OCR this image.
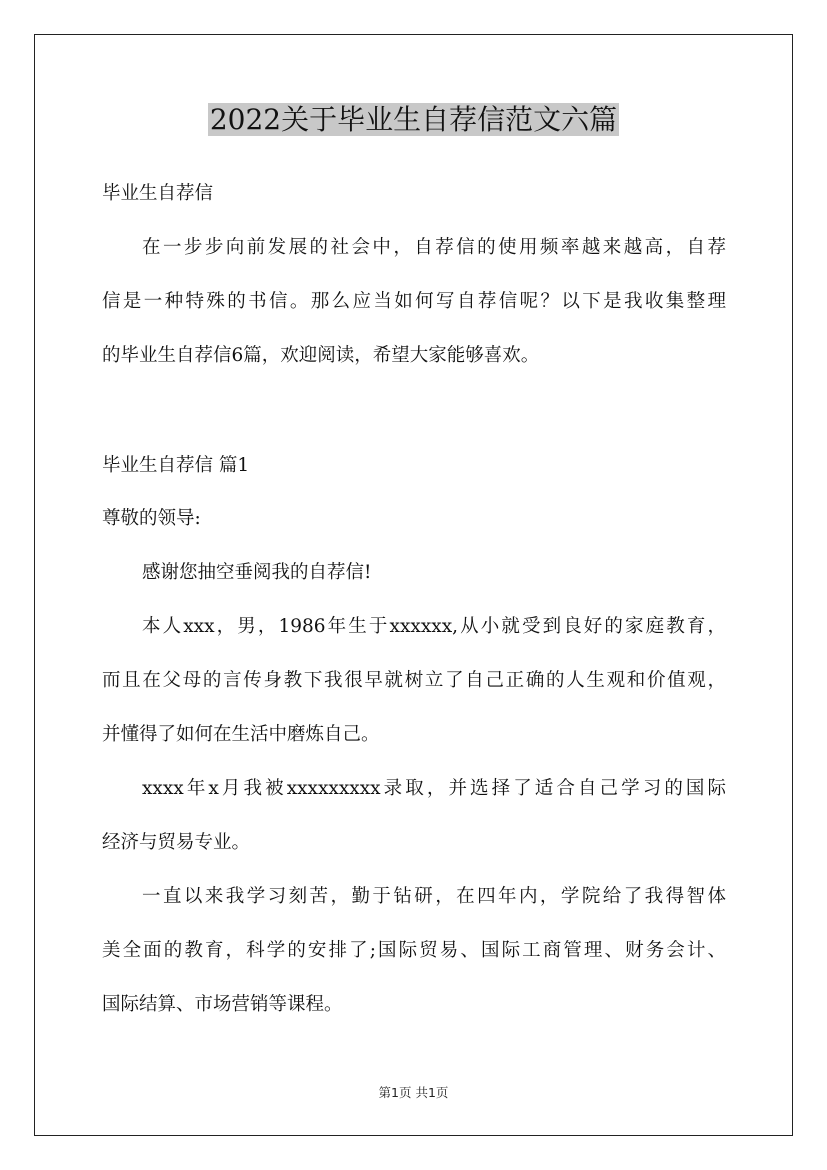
2022关于毕业生自荐信范文六篇
毕业生自荐信
在一步步向前发展的社会中，自荐信的使用频率越来越高，自荐
信是一种特殊的书信。那么应当如何写自荐信呢？以下是我收集整理
的毕业生自荐信6篇，欢迎阅读，希望大家能够喜欢。
毕业生自荐信 篇1
尊敬的领导:
感谢您抽空垂阅我的自荐信!
本人xxx，男，1986年生于xxxxxx,从小就受到良好的家庭教育，
而且在父母的言传身教下我很早就树立了自己正确的人生观和价值观，
并懂得了如何在生活中磨炼自己。
xxxx年x月我被xxxxxxxxx录取，并选择了适合自己学习的国际
经济与贸易专业。
一直以来我学习刻苦，勤于钻研，在四年内，学院给了我得智体
美全面的教育，科学的安排了;国际贸易、国际工商管理、财务会计、
国际结算、市场营销等课程。
第1页 共1页
